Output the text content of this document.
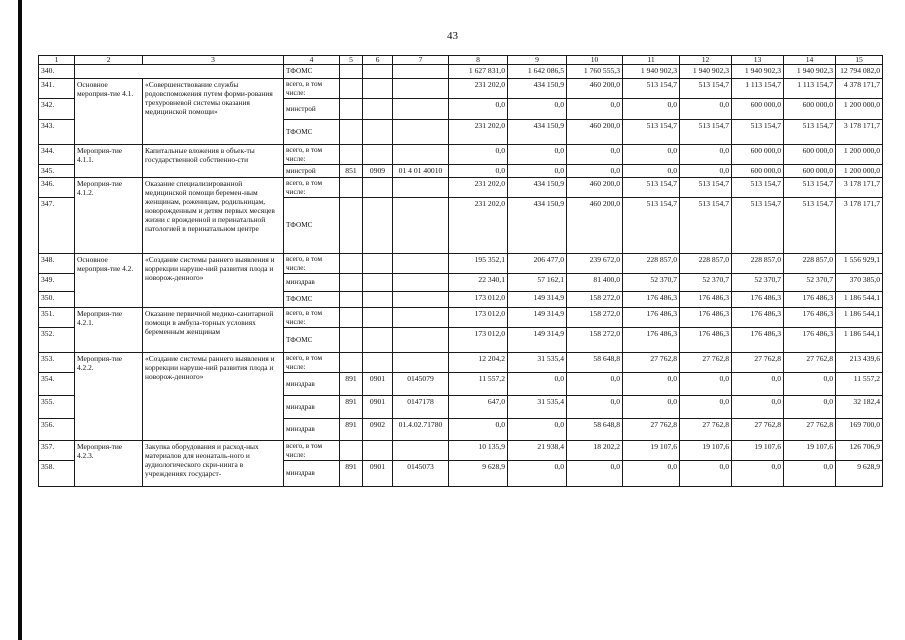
43
1	2	3	4	5	6	7	8	9	10	11	12	13	14	15
340.			ТФОМС				1 627 831,0	1 642 086,5	1 760 555,3	1 940 902,3	1 940 902,3	1 940 902,3	1 940 902,3	12 794 082,0
341.	Основное мероприя-тие 4.1.	«Совершенствование службы родовспоможения путем форми-рования трехуровневой системы оказания медицинской помощи»	всего, в том числе:				231 202,0	434 150,9	460 200,0	513 154,7	513 154,7	1 113 154,7	1 113 154,7	4 378 171,7
342.			минстрой				0,0	0,0	0,0	0,0	0,0	600 000,0	600 000,0	1 200 000,0
343.			ТФОМС				231 202,0	434 150,9	460 200,0	513 154,7	513 154,7	513 154,7	513 154,7	3 178 171,7
344.	Мероприя-тие 4.1.1.	Капитальные вложения в объек-ты государственной собственно-сти	всего, в том числе:				0,0	0,0	0,0	0,0	0,0	600 000,0	600 000,0	1 200 000,0
345.			минстрой	851	0909	01 4 01 40010	0,0	0,0	0,0	0,0	0,0	600 000,0	600 000,0	1 200 000,0
346.	Мероприя-тие 4.1.2.	Оказание специализированной медицинской помощи беремен-ным женщинам, роженицам, родильницам, новорожденным и детям первых месяцев жизни с врожденной и перинатальной патологией в перинатальном центре	всего, в том числе:				231 202,0	434 150,9	460 200,0	513 154,7	513 154,7	513 154,7	513 154,7	3 178 171,7
347.			ТФОМС				231 202,0	434 150,9	460 200,0	513 154,7	513 154,7	513 154,7	513 154,7	3 178 171,7
348.	Основное мероприя-тие 4.2.	«Создание системы раннего выявления и коррекции наруше-ний развития плода и новорож-денного»	всего, в том числе:				195 352,1	206 477,0	239 672,0	228 857,0	228 857,0	228 857,0	228 857,0	1 556 929,1
349.			минздрав				22 340,1	57 162,1	81 400,0	52 370,7	52 370,7	52 370,7	52 370,7	370 385,0
350.			ТФОМС				173 012,0	149 314,9	158 272,0	176 486,3	176 486,3	176 486,3	176 486,3	1 186 544,1
351.	Мероприя-тие 4.2.1.	Оказание первичной медико-санитарной помощи в амбула-торных условиях беременным женщинам	всего, в том числе:				173 012,0	149 314,9	158 272,0	176 486,3	176 486,3	176 486,3	176 486,3	1 186 544,1
352.			ТФОМС				173 012,0	149 314,9	158 272,0	176 486,3	176 486,3	176 486,3	176 486,3	1 186 544,1
353.	Мероприя-тие 4.2.2.	«Создание системы раннего выявления и коррекции наруше-ний развития плода и новорож-денного»	всего, в том числе:				12 204,2	31 535,4	58 648,8	27 762,8	27 762,8	27 762,8	27 762,8	213 439,6
354.			минздрав	891	0901	0145079	11 557,2	0,0	0,0	0,0	0,0	0,0	0,0	11 557,2
355.			минздрав	891	0901	0147178	647,0	31 535,4	0,0	0,0	0,0	0,0	0,0	32 182,4
356.			минздрав	891	0902	01.4.02.71780	0,0	0,0	58 648,8	27 762,8	27 762,8	27 762,8	27 762,8	169 700,0
357.	Мероприя-тие 4.2.3.	Закупка оборудования и расход-ных материалов для неонаталь-ного и аудиологического скри-нинга в учреждениях государст-	всего, в том числе:				10 135,9	21 938,4	18 202,2	19 107,6	19 107,6	19 107,6	19 107,6	126 706,9
358.			минздрав	891	0901	0145073	9 628,9	0,0	0,0	0,0	0,0	0,0	0,0	9 628,9
